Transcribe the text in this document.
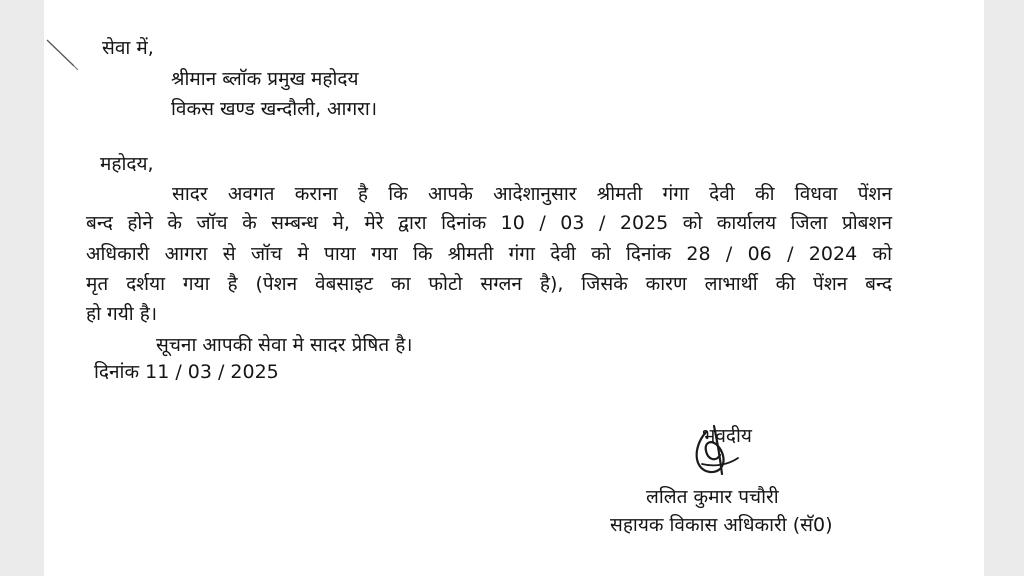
सेवा में,
श्रीमान ब्लॉक प्रमुख महोदय
विकस खण्ड खन्दौली, आगरा।
महोदय,
सादर अवगत कराना है कि आपके आदेशानुसार श्रीमती गंगा देवी की विधवा पेंशन
बन्द होने के जॉच के सम्बन्ध मे, मेरे द्वारा दिनांक 10 / 03 / 2025 को कार्यालय जिला प्रोबशन
अधिकारी आगरा से जॉच मे पाया गया कि श्रीमती गंगा देवी को दिनांक 28 / 06 / 2024 को
मृत दर्शया गया है (पेशन वेबसाइट का फोटो सग्लन है), जिसके कारण लाभार्थी की पेंशन बन्द
हो गयी है।
सूचना आपकी सेवा मे सादर प्रेषित है।
दिनांक 11 / 03 / 2025
भवदीय
ललित कुमार पचौरी
सहायक विकास अधिकारी (सॅ0)
